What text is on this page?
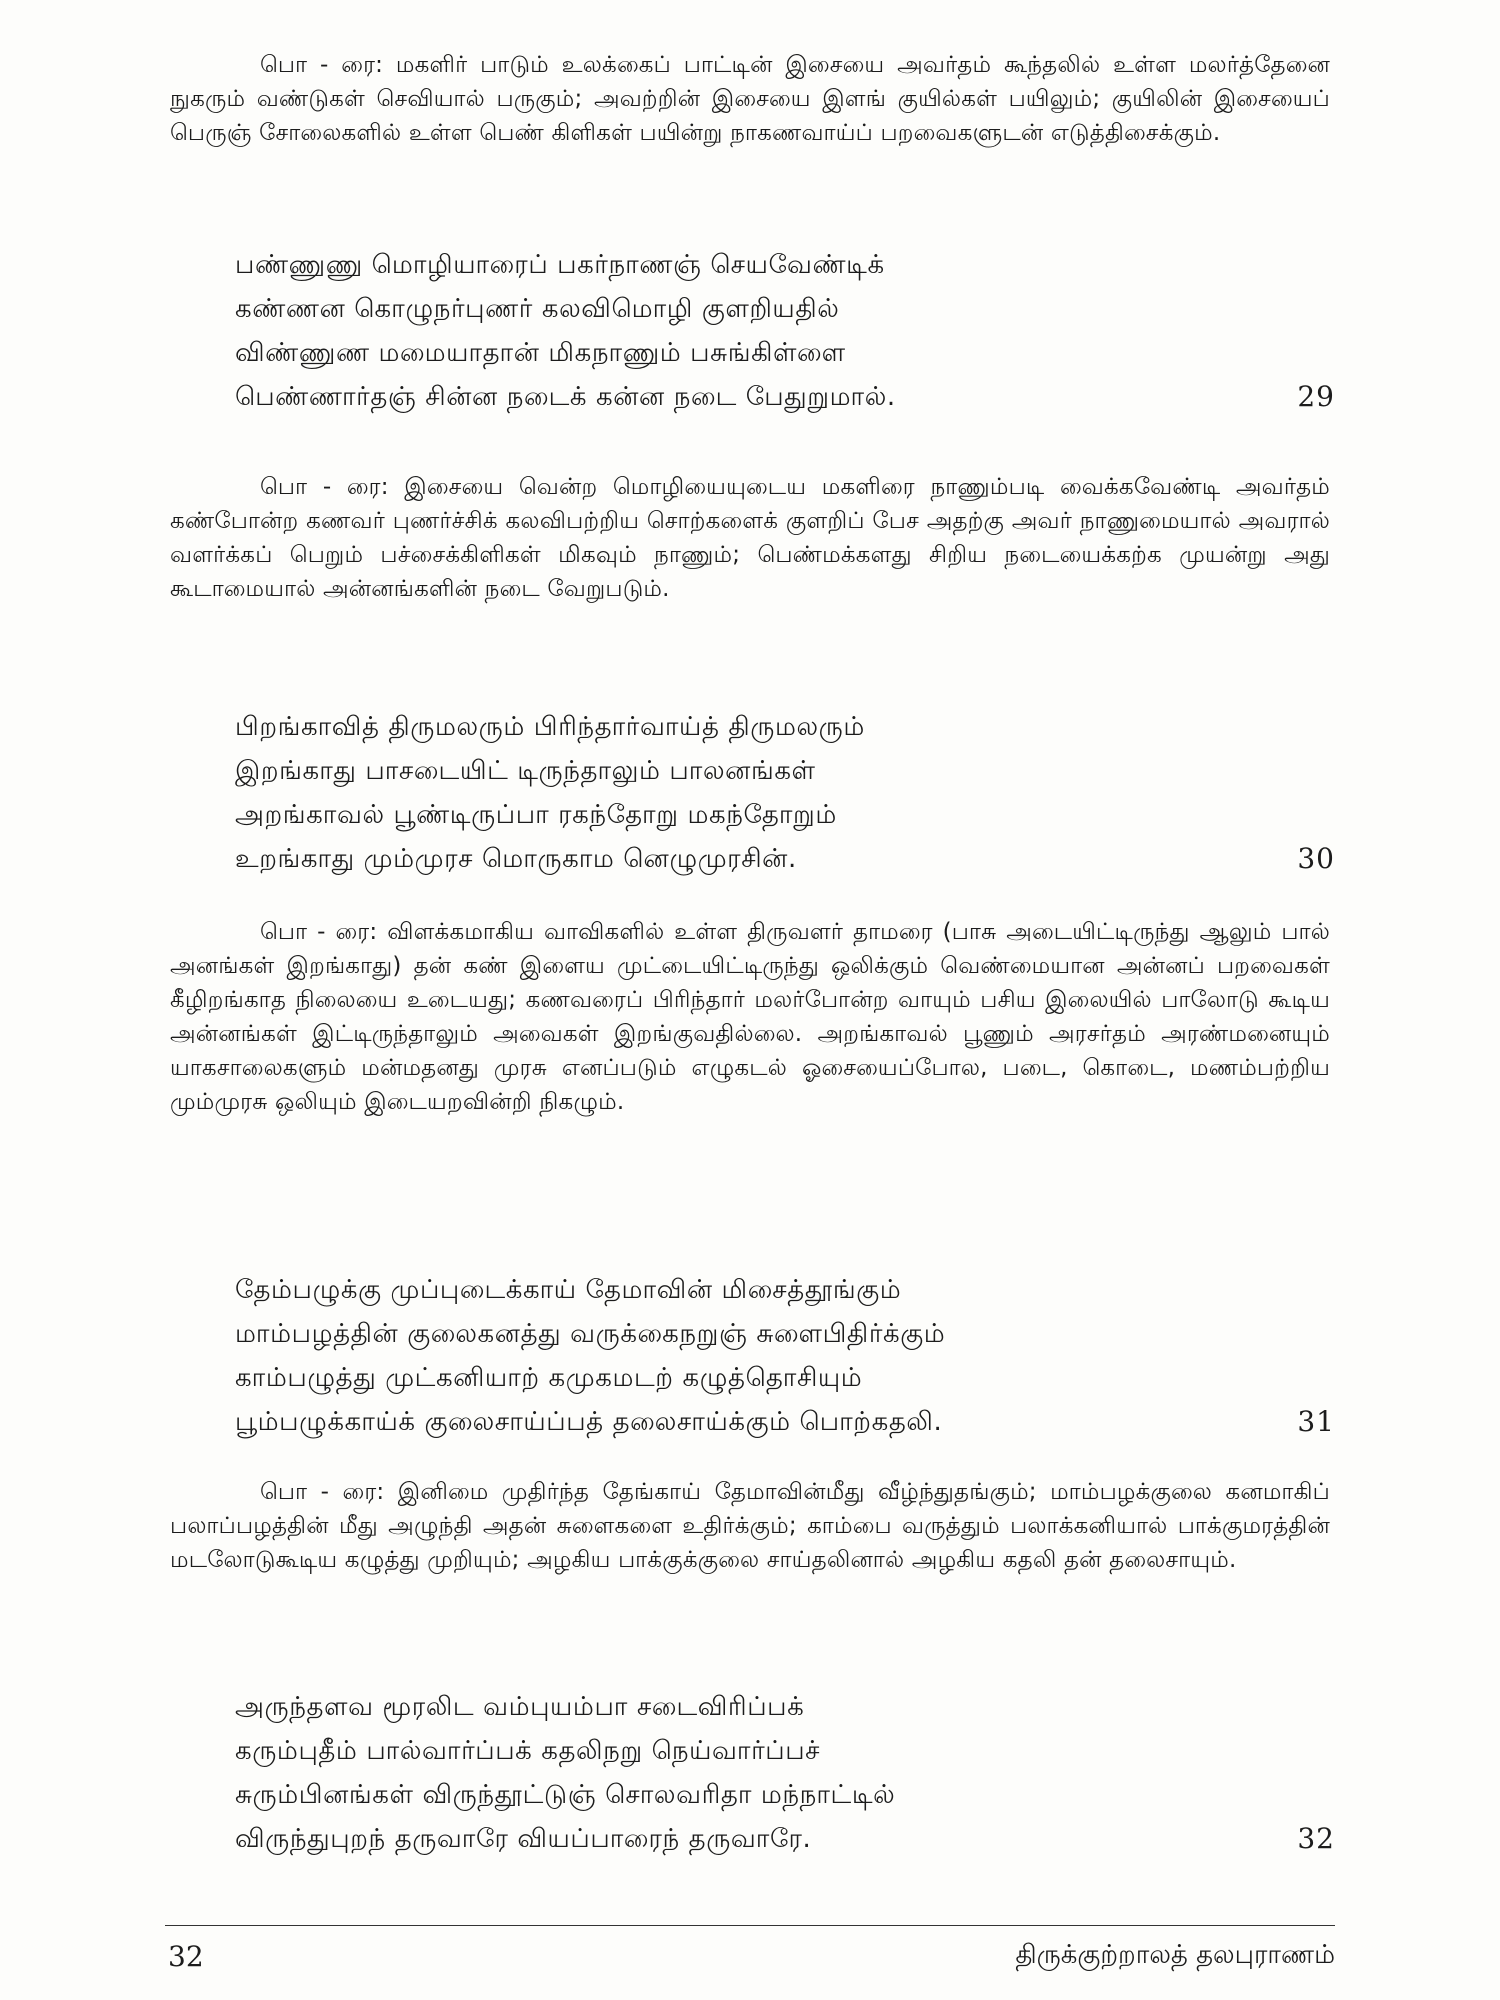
பொ - ரை: மகளிர் பாடும் உலக்கைப் பாட்டின் இசையை அவர்தம் கூந்தலில் உள்ள மலர்த்தேனை நுகரும் வண்டுகள் செவியால் பருகும்; அவற்றின் இசையை இளங் குயில்கள் பயிலும்; குயிலின் இசையைப் பெருஞ் சோலைகளில் உள்ள பெண் கிளிகள் பயின்று நாகணவாய்ப் பறவைகளுடன் எடுத்திசைக்கும்.

பண்ணுணு மொழியாரைப் பகர்நாணஞ் செயவேண்டிக்
கண்ணன கொழுநர்புணர் கலவிமொழி குளறியதில்
விண்ணுண மமையாதான் மிகநாணும் பசுங்கிள்ளை
பெண்ணார்தஞ் சின்ன நடைக் கன்ன நடை பேதுறுமால்.	29

பொ - ரை: இசையை வென்ற மொழியையுடைய மகளிரை நாணும்படி வைக்கவேண்டி அவர்தம் கண்போன்ற கணவர் புணர்ச்சிக் கலவிபற்றிய சொற்களைக் குளறிப் பேச அதற்கு அவர் நாணுமையால் அவரால் வளர்க்கப் பெறும் பச்சைக்கிளிகள் மிகவும் நாணும்; பெண்மக்களது சிறிய நடையைக்கற்க முயன்று அது கூடாமையால் அன்னங்களின் நடை வேறுபடும்.

பிறங்காவித் திருமலரும் பிரிந்தார்வாய்த் திருமலரும்
இறங்காது பாசடையிட் டிருந்தாலும் பாலனங்கள்
அறங்காவல் பூண்டிருப்பா ரகந்தோறு மகந்தோறும்
உறங்காது மும்முரச மொருகாம னெழுமுரசின்.	30

பொ - ரை: விளக்கமாகிய வாவிகளில் உள்ள திருவளர் தாமரை (பாசு அடையிட்டிருந்து ஆலும் பால் அனங்கள் இறங்காது) தன் கண் இளைய முட்டையிட்டிருந்து ஒலிக்கும் வெண்மையான அன்னப் பறவைகள் கீழிறங்காத நிலையை உடையது; கணவரைப் பிரிந்தார் மலர்போன்ற வாயும் பசிய இலையில் பாலோடு கூடிய அன்னங்கள் இட்டிருந்தாலும் அவைகள் இறங்குவதில்லை. அறங்காவல் பூணும் அரசர்தம் அரண்மனையும் யாகசாலைகளும் மன்மதனது முரசு எனப்படும் எழுகடல் ஓசையைப்போல, படை, கொடை, மணம்பற்றிய மும்முரசு ஒலியும் இடையறவின்றி நிகழும்.

தேம்பழுக்கு முப்புடைக்காய் தேமாவின் மிசைத்தூங்கும்
மாம்பழத்தின் குலைகனத்து வருக்கைநறுஞ் சுளைபிதிர்க்கும்
காம்பழுத்து முட்கனியாற் கமுகமடற் கழுத்தொசியும்
பூம்பழுக்காய்க் குலைசாய்ப்பத் தலைசாய்க்கும் பொற்கதலி.	31

பொ - ரை: இனிமை முதிர்ந்த தேங்காய் தேமாவின்மீது வீழ்ந்துதங்கும்; மாம்பழக்குலை கனமாகிப் பலாப்பழத்தின் மீது அழுந்தி அதன் சுளைகளை உதிர்க்கும்; காம்பை வருத்தும் பலாக்கனியால் பாக்குமரத்தின் மடலோடுகூடிய கழுத்து முறியும்; அழகிய பாக்குக்குலை சாய்தலினால் அழகிய கதலி தன் தலைசாயும்.

அருந்தளவ மூரலிட வம்புயம்பா சடைவிரிப்பக்
கரும்புதீம் பால்வார்ப்பக் கதலிநறு நெய்வார்ப்பச்
சுரும்பினங்கள் விருந்தூட்டுஞ் சொலவரிதா மந்நாட்டில்
விருந்துபுறந் தருவாரே வியப்பாரைந் தருவாரே.	32
32	திருக்குற்றாலத் தலபுராணம்
